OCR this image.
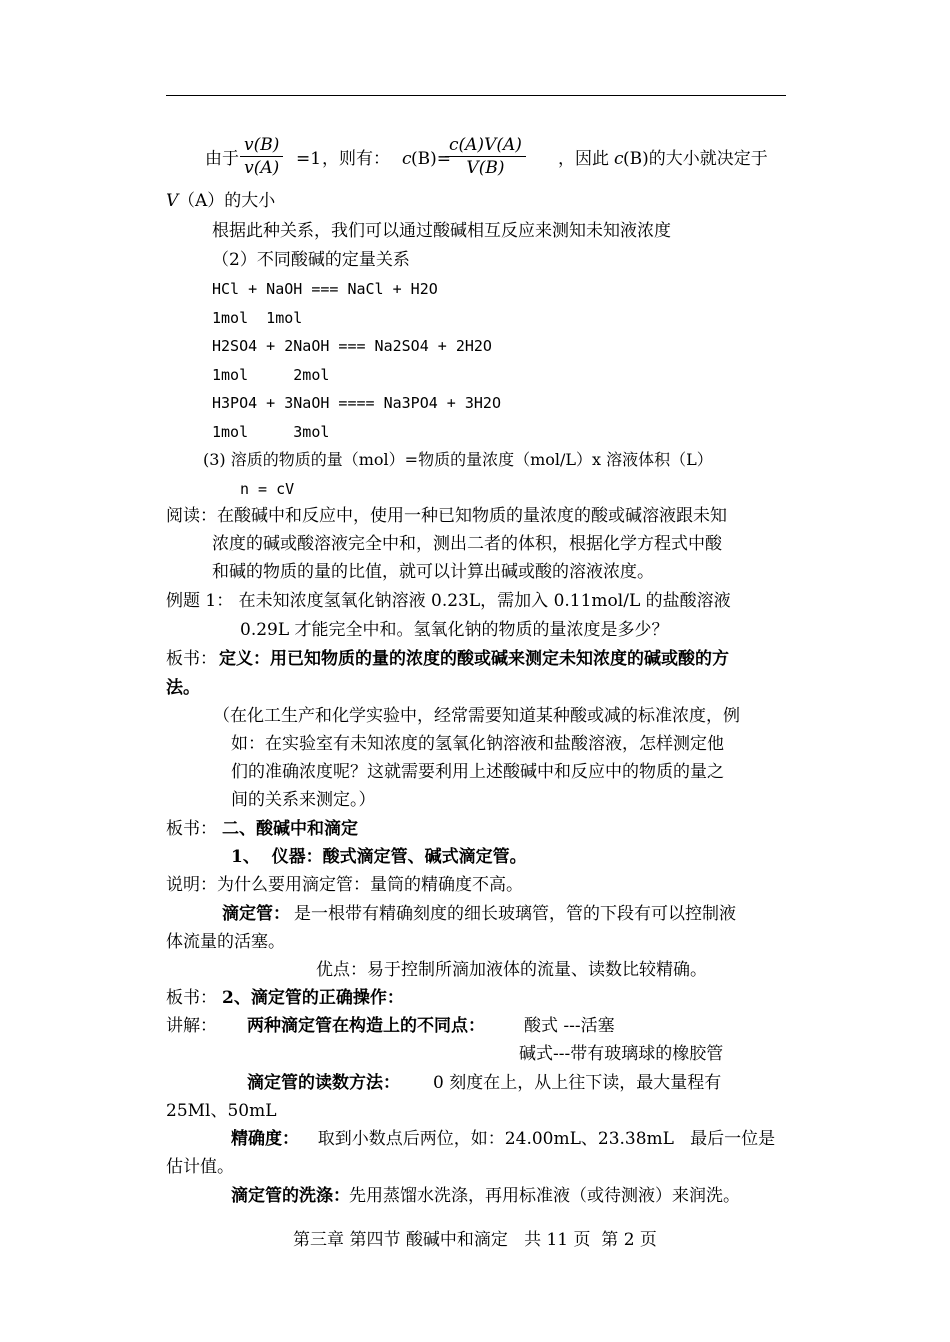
由于 $\frac{v(B)}{v(A)} =1$ ，则有： c (B)=
$\frac{c(A)V(A)}{V(B)}$ ，因此 c (B)的大小就决定于
V （A）的大小
根据此种关系，我们可以通过酸碱相互反应来测知未知液浓度
（2）不同酸碱的定量关系
HCl + NaOH === NaCl + H2O
1mol  1mol
H2SO4 + 2NaOH === Na2SO4 + 2H2O
1mol     2mol
H3PO4 + 3NaOH ==== Na3PO4 + 3H2O
1mol     3mol
(3) 溶质的物质的量（mol）=物质的量浓度（mol/L）x 溶液体积（L）
n = cV
阅读：在酸碱中和反应中，使用一种已知物质的量浓度的酸或碱溶液跟未知
浓度的碱或酸溶液完全中和，测出二者的体积，根据化学方程式中酸
和碱的物质的量的比值，就可以计算出碱或酸的溶液浓度。
例题 1： 在未知浓度氢氧化钠溶液 0.23L，需加入 0.11mol/L 的盐酸溶液
0.29L 才能完全中和。氢氧化钠的物质的量浓度是多少？
板书： 定义：用已知物质的量的浓度的酸或碱来测定未知浓度的碱或酸的方
法。
（在化工生产和化学实验中，经常需要知道某种酸或减的标准浓度，例
如：在实验室有未知浓度的氢氧化钠溶液和盐酸溶液，怎样测定他
们的准确浓度呢？这就需要利用上述酸碱中和反应中的物质的量之
间的关系来测定。）
板书： 二、酸碱中和滴定
1、  仪器：酸式滴定管、碱式滴定管。
说明：为什么要用滴定管：量筒的精确度不高。
滴定管： 是一根带有精确刻度的细长玻璃管，管的下段有可以控制液
体流量的活塞。
优点：易于控制所滴加液体的流量、读数比较精确。
板书： 2、滴定管的正确操作：
讲解： 两种滴定管在构造上的不同点： 酸式 ---活塞
碱式---带有玻璃球的橡胶管
滴定管的读数方法： 0 刻度在上，从上往下读，最大量程有
25Ml、50mL
精确度： 取到小数点后两位，如：24.00mL、23.38mL   最后一位是
估计值。
滴定管的洗涤： 先用蒸馏水洗涤，再用标准液（或待测液）来润洗。
第三章 第四节 酸碱中和滴定   共 11 页  第 2 页
